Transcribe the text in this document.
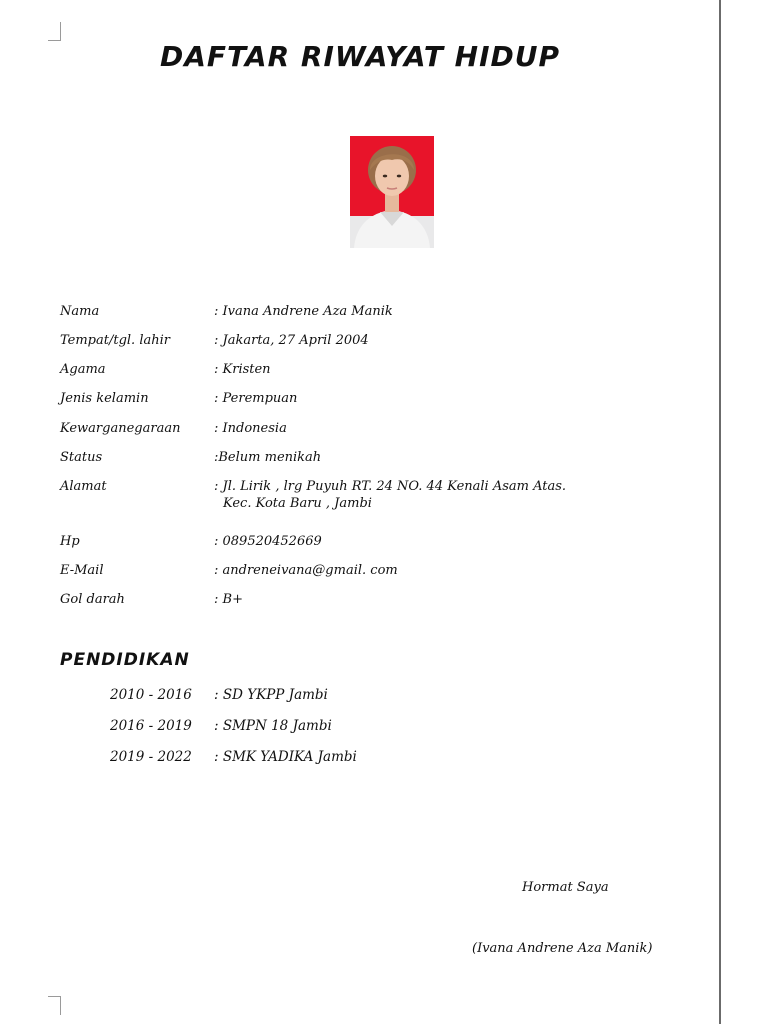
DAFTAR RIWAYAT HIDUP
Nama	: Ivana Andrene Aza Manik
Tempat/tgl. lahir	: Jakarta, 27 April 2004
Agama	: Kristen
Jenis kelamin	: Perempuan
Kewarganegaraan	: Indonesia
Status	:Belum menikah
Alamat	: Jl. Lirik , lrg Puyuh RT. 24 NO. 44 Kenali Asam Atas.
Kec. Kota Baru , Jambi
Hp	: 089520452669
E-Mail	: andreneivana@gmail. com
Gol darah	: B+
PENDIDIKAN
2010 - 2016 : SD YKPP Jambi
2016 - 2019 : SMPN 18 Jambi
2019 - 2022 : SMK YADIKA Jambi
Hormat Saya
(Ivana Andrene Aza Manik)
